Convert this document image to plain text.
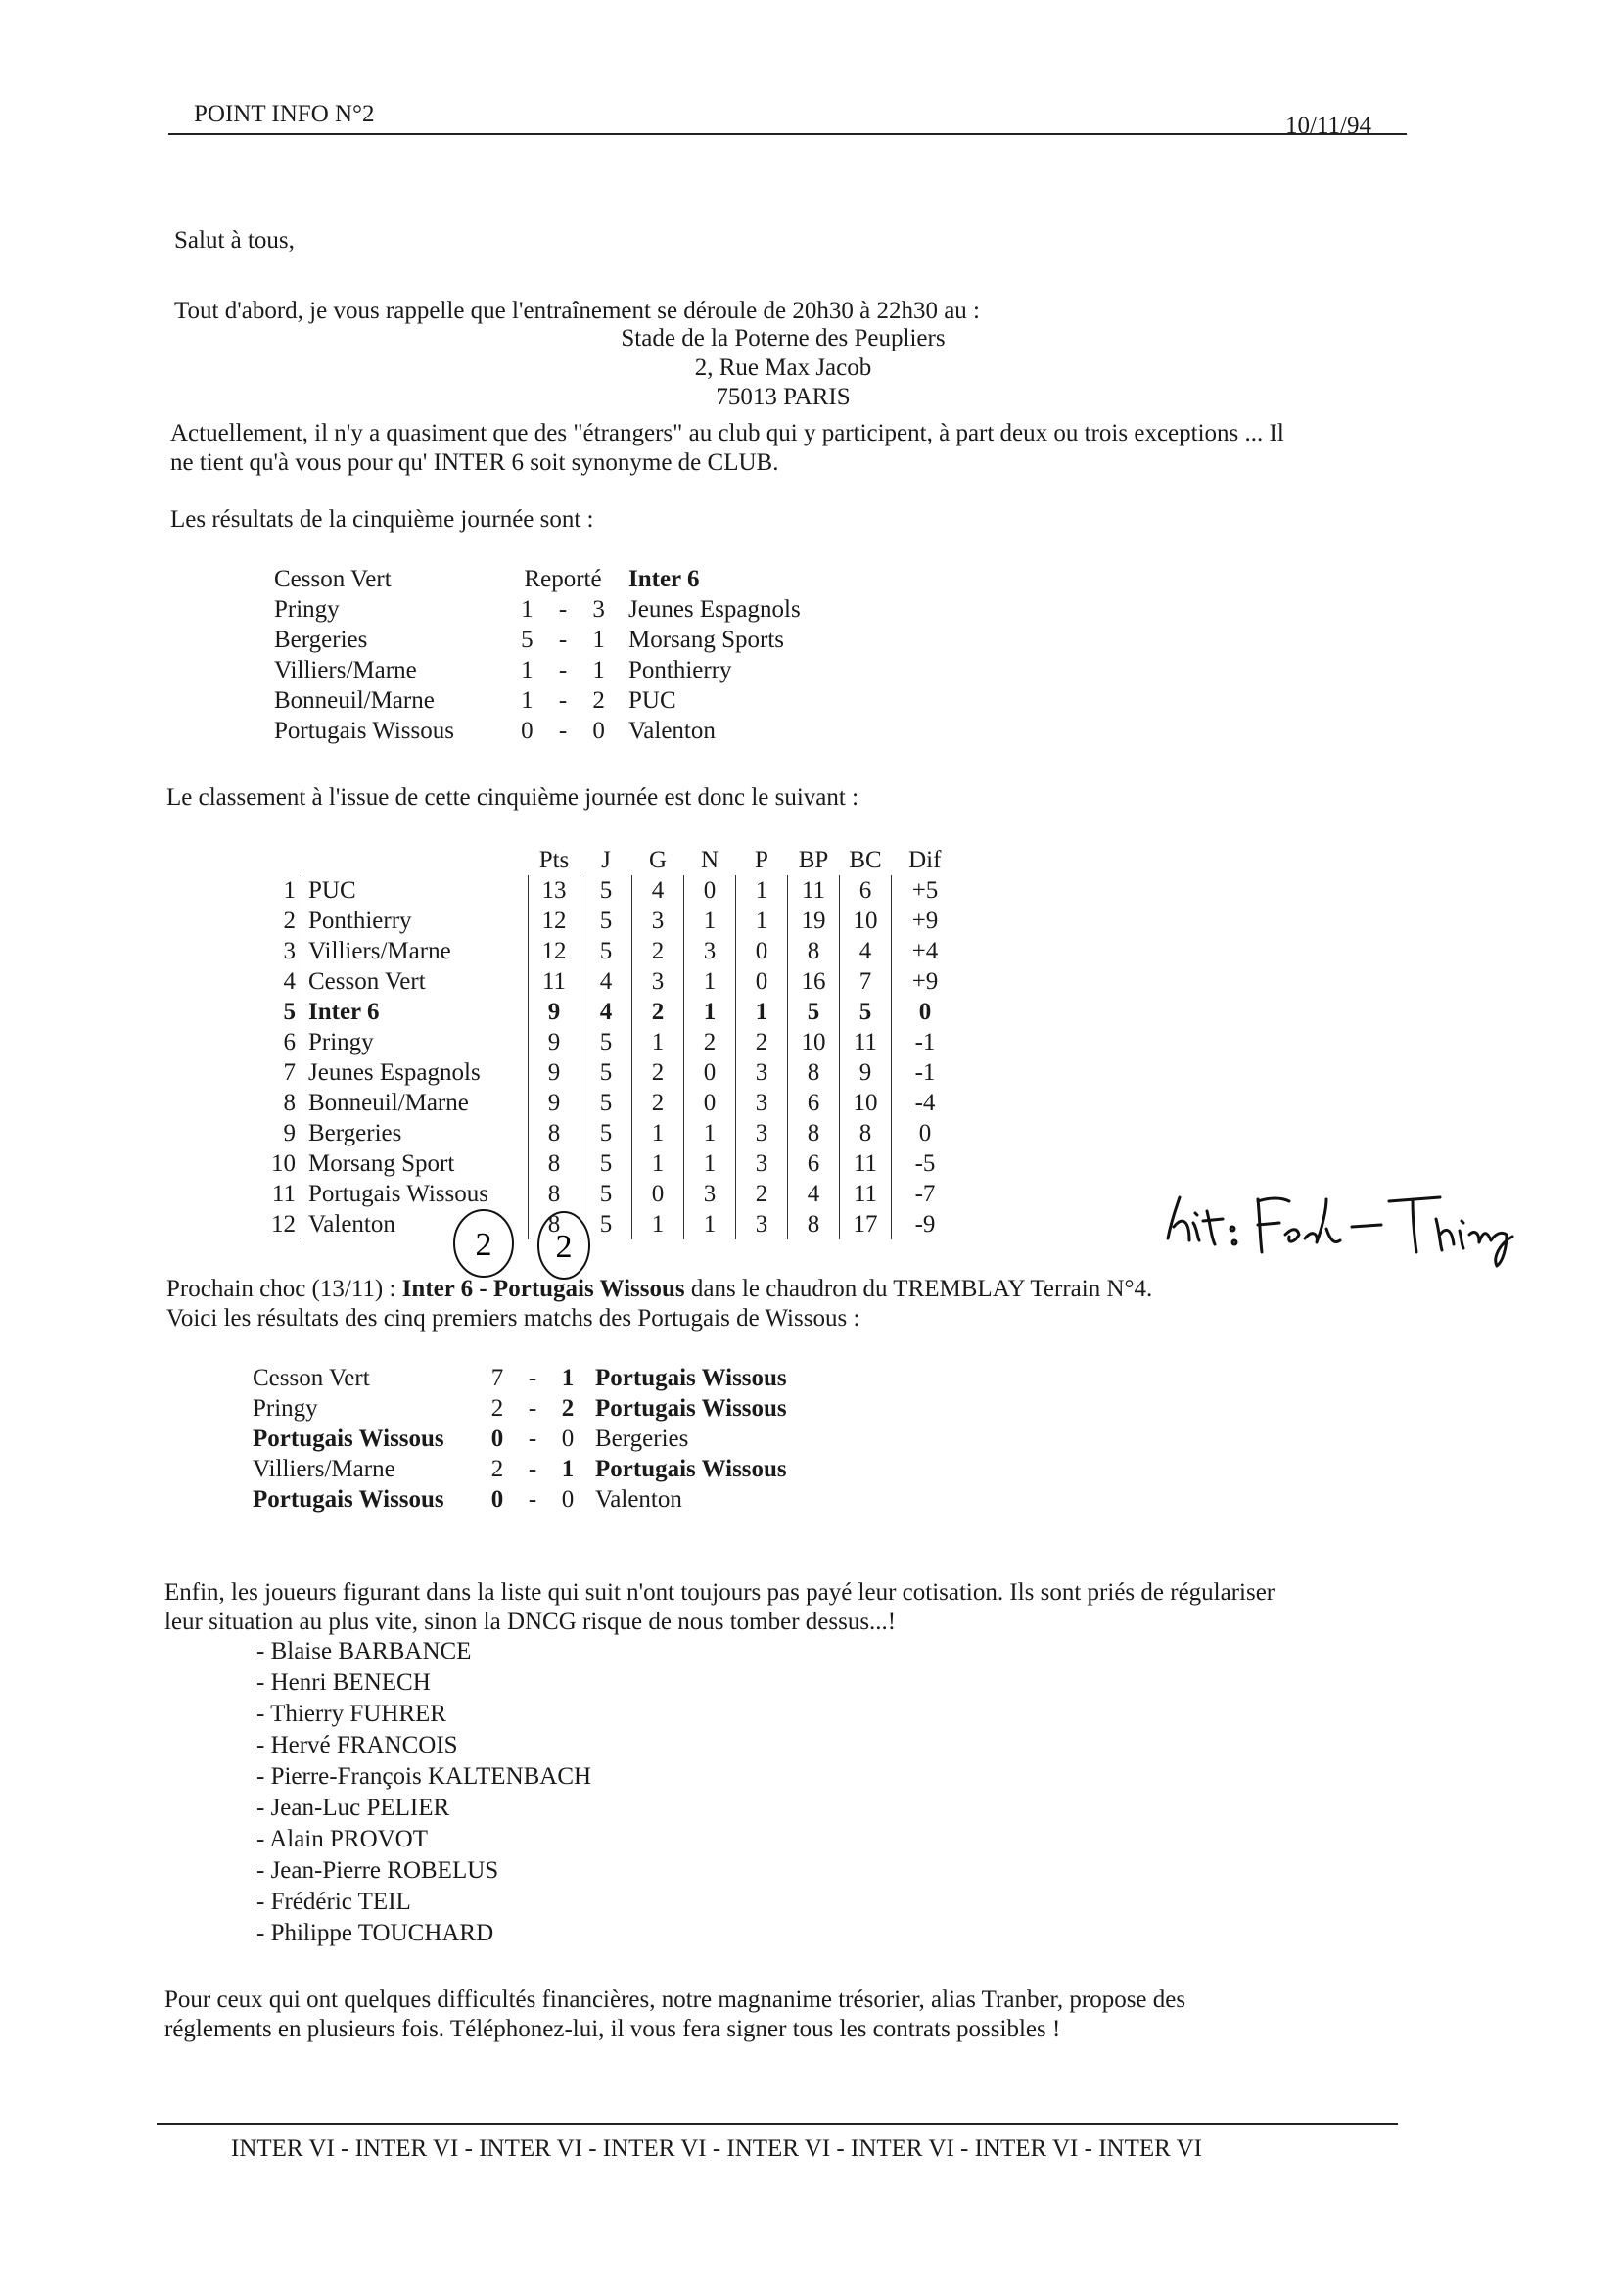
POINT INFO N°2	10/11/94
Salut à tous,
Tout d'abord, je vous rappelle que l'entraînement se déroule de 20h30 à 22h30 au :
Stade de la Poterne des Peupliers
2, Rue Max Jacob
75013 PARIS
Actuellement, il n'y a quasiment que des "étrangers" au club qui y participent, à part deux ou trois exceptions ... Il
ne tient qu'à vous pour qu' INTER 6 soit synonyme de CLUB.
Les résultats de la cinquième journée sont :
Cesson Vert	Reporté			Inter 6
Pringy	1	-	3	Jeunes Espagnols
Bergeries	5	-	1	Morsang Sports
Villiers/Marne	1	-	1	Ponthierry
Bonneuil/Marne	1	-	2	PUC
Portugais Wissous	0	-	0	Valenton
Le classement à l'issue de cette cinquième journée est donc le suivant :
		Pts	J	G	N	P	BP	BC	Dif
1	PUC	13	5	4	0	1	11	6	+5
2	Ponthierry	12	5	3	1	1	19	10	+9
3	Villiers/Marne	12	5	2	3	0	8	4	+4
4	Cesson Vert	11	4	3	1	0	16	7	+9
5	Inter 6	9	4	2	1	1	5	5	0
6	Pringy	9	5	1	2	2	10	11	-1
7	Jeunes Espagnols	9	5	2	0	3	8	9	-1
8	Bonneuil/Marne	9	5	2	0	3	6	10	-4
9	Bergeries	8	5	1	1	3	8	8	0
10	Morsang Sport	8	5	1	1	3	6	11	-5
11	Portugais Wissous	8	5	0	3	2	4	11	-7
12	Valenton	8	5	1	1	3	8	17	-9
2 2
Prochain choc (13/11) : Inter 6 - Portugais Wissous dans le chaudron du TREMBLAY Terrain N°4.
Voici les résultats des cinq premiers matchs des Portugais de Wissous :
Cesson Vert	7	-	1	Portugais Wissous
Pringy	2	-	2	Portugais Wissous
Portugais Wissous	0	-	0	Bergeries
Villiers/Marne	2	-	1	Portugais Wissous
Portugais Wissous	0	-	0	Valenton
Enfin, les joueurs figurant dans la liste qui suit n'ont toujours pas payé leur cotisation. Ils sont priés de régulariser
leur situation au plus vite, sinon la DNCG risque de nous tomber dessus...!
- Blaise BARBANCE
- Henri BENECH
- Thierry FUHRER
- Hervé FRANCOIS
- Pierre-François KALTENBACH
- Jean-Luc PELIER
- Alain PROVOT
- Jean-Pierre ROBELUS
- Frédéric TEIL
- Philippe TOUCHARD
Pour ceux qui ont quelques difficultés financières, notre magnanime trésorier, alias Tranber, propose des
réglements en plusieurs fois. Téléphonez-lui, il vous fera signer tous les contrats possibles !
INTER VI - INTER VI - INTER VI - INTER VI - INTER VI - INTER VI - INTER VI - INTER VI
